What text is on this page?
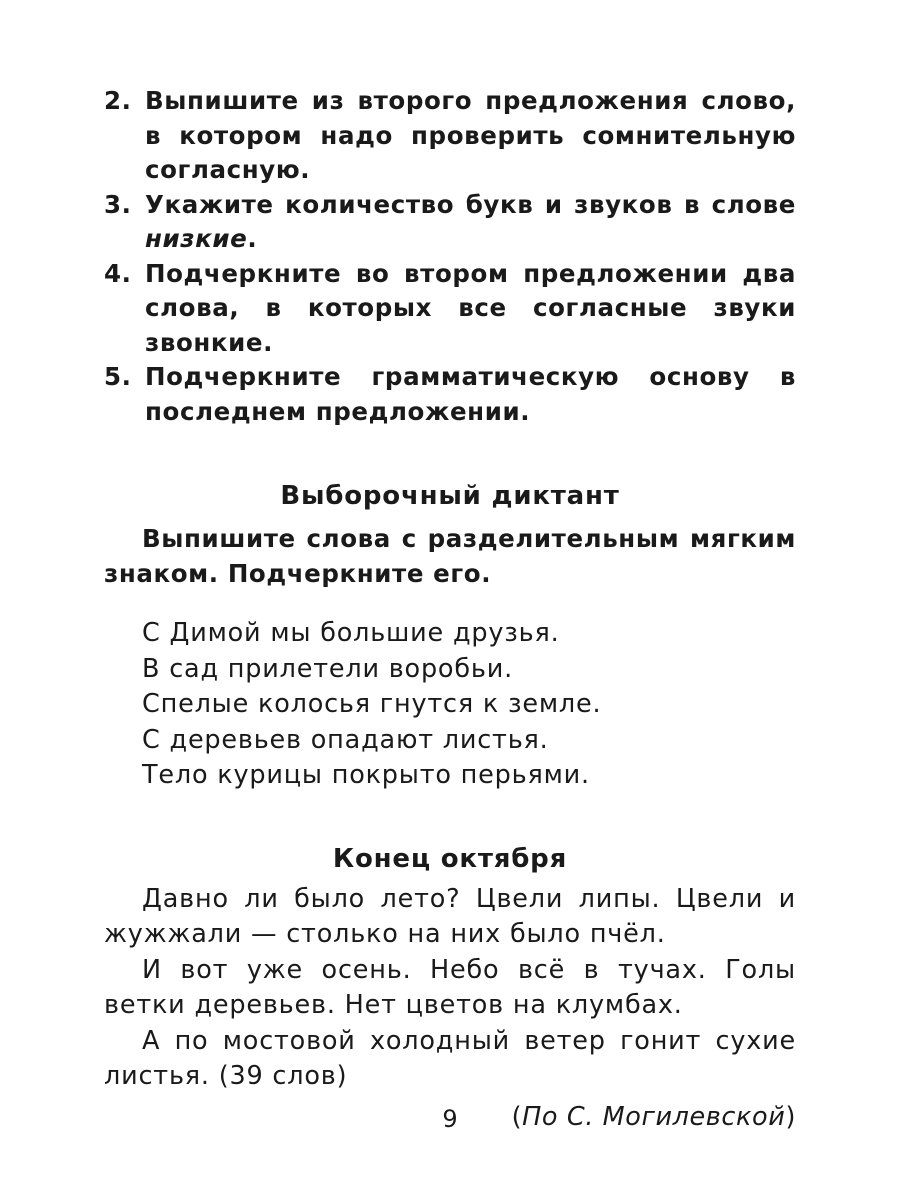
2. Выпишите из второго предложения слово, в котором надо проверить сомнительную согласную.
3. Укажите количество букв и звуков в слове низкие.
4. Подчеркните во втором предложении два слова, в которых все согласные звуки звонкие.
5. Подчеркните грамматическую основу в последнем предложении.
Выборочный диктант
Выпишите слова с разделительным мягким знаком. Подчеркните его.
С Димой мы большие друзья.
В сад прилетели воробьи.
Спелые колосья гнутся к земле.
С деревьев опадают листья.
Тело курицы покрыто перьями.
Конец октября
Давно ли было лето? Цвели липы. Цвели и жужжали — столько на них было пчёл.
И вот уже осень. Небо всё в тучах. Голы ветки деревьев. Нет цветов на клумбах.
А по мостовой холодный ветер гонит сухие листья. (39 слов)
(По С. Могилевской)
9
